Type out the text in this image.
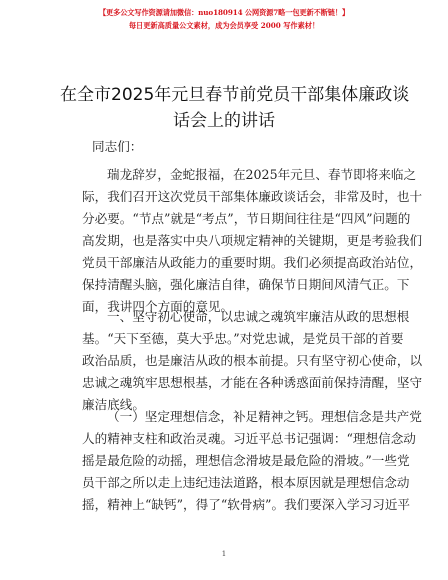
【更多公文写作资源请加微信：nuo180914 公网资源7略一包更新不断链！】
每日更新高质量公文素材，成为会员享受 2000 写作素材！
在全市2025年元旦春节前党员干部集体廉政谈
话会上的讲话
同志们：
瑞龙辞岁，金蛇报福，在2025年元旦、春节即将来临之
际，我们召开这次党员干部集体廉政谈话会，非常及时，也十
分必要。“节点”就是“考点”，节日期间往往是“四风”问题的
高发期，也是落实中央八项规定精神的关键期，更是考验我们
党员干部廉洁从政能力的重要时期。我们必须提高政治站位，
保持清醒头脑，强化廉洁自律，确保节日期间风清气正。下
面，我讲四个方面的意见。
一、坚守初心使命，以忠诚之魂筑牢廉洁从政的思想根
基。“天下至德，莫大乎忠。”对党忠诚，是党员干部的首要
政治品质，也是廉洁从政的根本前提。只有坚守初心使命，以
忠诚之魂筑牢思想根基，才能在各种诱惑面前保持清醒，坚守
廉洁底线。
（一）坚定理想信念，补足精神之钙。理想信念是共产党
人的精神支柱和政治灵魂。习近平总书记强调：“理想信念动
摇是最危险的动摇，理想信念滑坡是最危险的滑坡。”一些党
员干部之所以走上违纪违法道路，根本原因就是理想信念动
摇，精神上“缺钙”，得了“软骨病”。我们要深入学习习近平
1
